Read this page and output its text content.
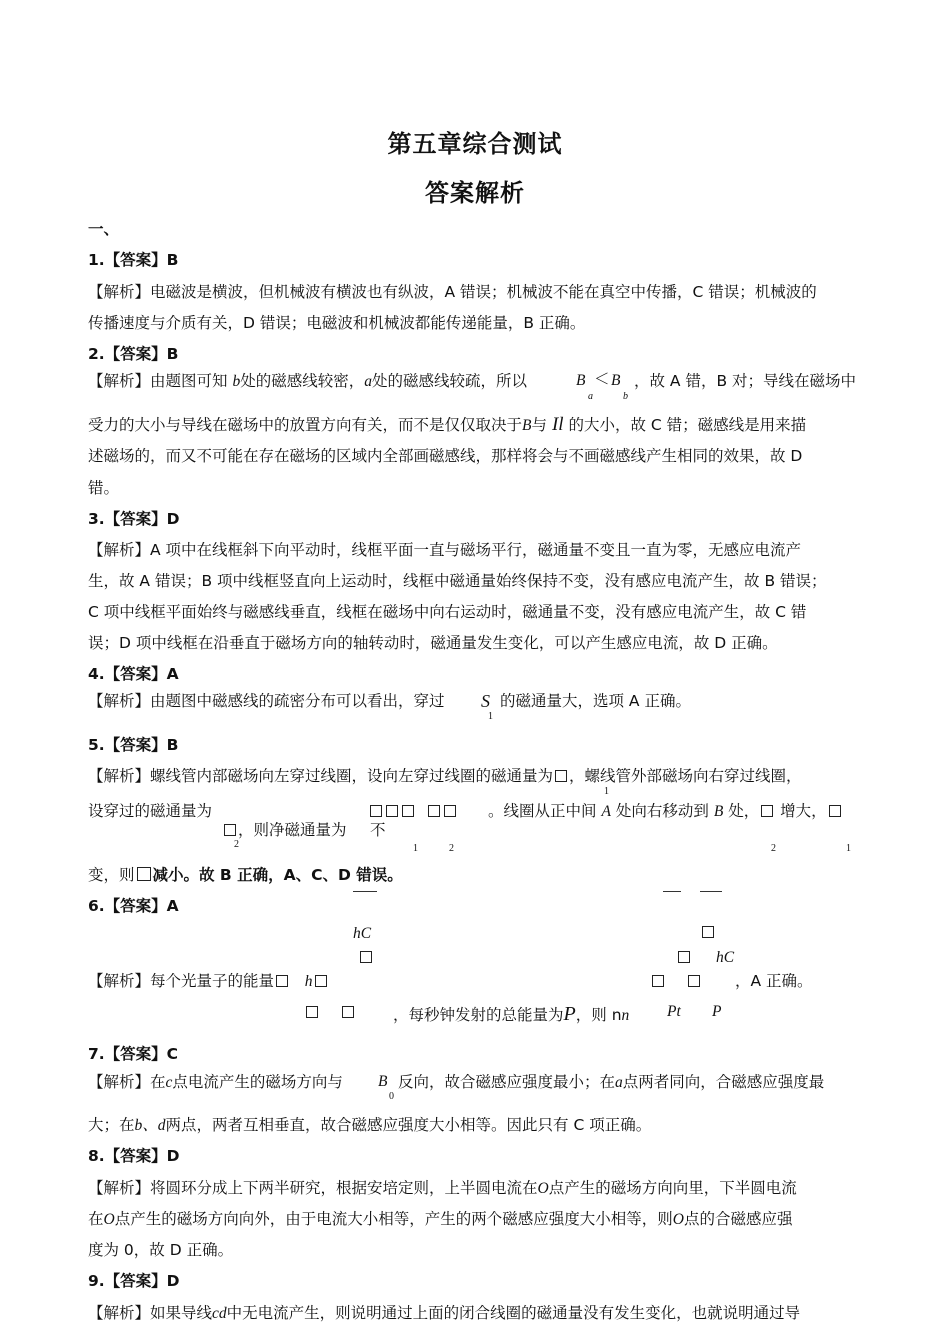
第五章综合测试
答案解析
一、
1.【答案】B
【解析】电磁波是横波，但机械波有横波也有纵波，A 错误；机械波不能在真空中传播，C 错误；机械波的
传播速度与介质有关，D 错误；电磁波和机械波都能传递能量，B 正确。
2.【答案】B
【解析】由题图可知 b处的磁感线较密，a处的磁感线较疏，所以	B ＜ B
a	b
，故 A 错，B 对；导线在磁场中
受力的大小与导线在磁场中的放置方向有关，而不是仅仅取决于B与 Il 的大小，故 C 错；磁感线是用来描
述磁场的，而又不可能在存在磁场的区域内全部画磁感线，那样将会与不画磁感线产生相同的效果，故 D
错。
3.【答案】D
【解析】A 项中在线框斜下向平动时，线框平面一直与磁场平行，磁通量不变且一直为零，无感应电流产
生，故 A 错误；B 项中线框竖直向上运动时，线框中磁通量始终保持不变，没有感应电流产生，故 B 错误；
C 项中线框平面始终与磁感线垂直，线框在磁场中向右运动时，磁通量不变，没有感应电流产生，故 C 错
误；D 项中线框在沿垂直于磁场方向的轴转动时，磁通量发生变化，可以产生感应电流，故 D 正确。
4.【答案】A
【解析】由题图中磁感线的疏密分布可以看出，穿过 S
1
的磁通量大，选项 A 正确。
5.【答案】B
【解析】螺线管内部磁场向左穿过线圈，设向左穿过线圈的磁通量为 ，螺线管外部磁场向右穿过线圈，
1
设穿过的磁通量为
，则净磁通量为
2

不
。线圈从正中间 A 处向右移动到 B 处， 增大，
1	2	2	1
变，则 减小。故 B 正确，A、C、D 错误。
6.【答案】A
hC
hC
【解析】每个光量子的能量 h
	，A 正确。

，每秒钟发射的总能量为P，则 nn Pt P
7.【答案】C
【解析】在c点电流产生的磁场方向与 B
0
反向，故合磁感应强度最小；在a点两者同向，合磁感应强度最
大；在b、d两点，两者互相垂直，故合磁感应强度大小相等。因此只有 C 项正确。
8.【答案】D
【解析】将圆环分成上下两半研究，根据安培定则，上半圆电流在O点产生的磁场方向向里，下半圆电流
在O点产生的磁场方向向外，由于电流大小相等，产生的两个磁感应强度大小相等，则O点的合磁感应强
度为 0，故 D 正确。
9.【答案】D
【解析】如果导线cd中无电流产生，则说明通过上面的闭合线圈的磁通量没有发生变化，也就说明通过导
